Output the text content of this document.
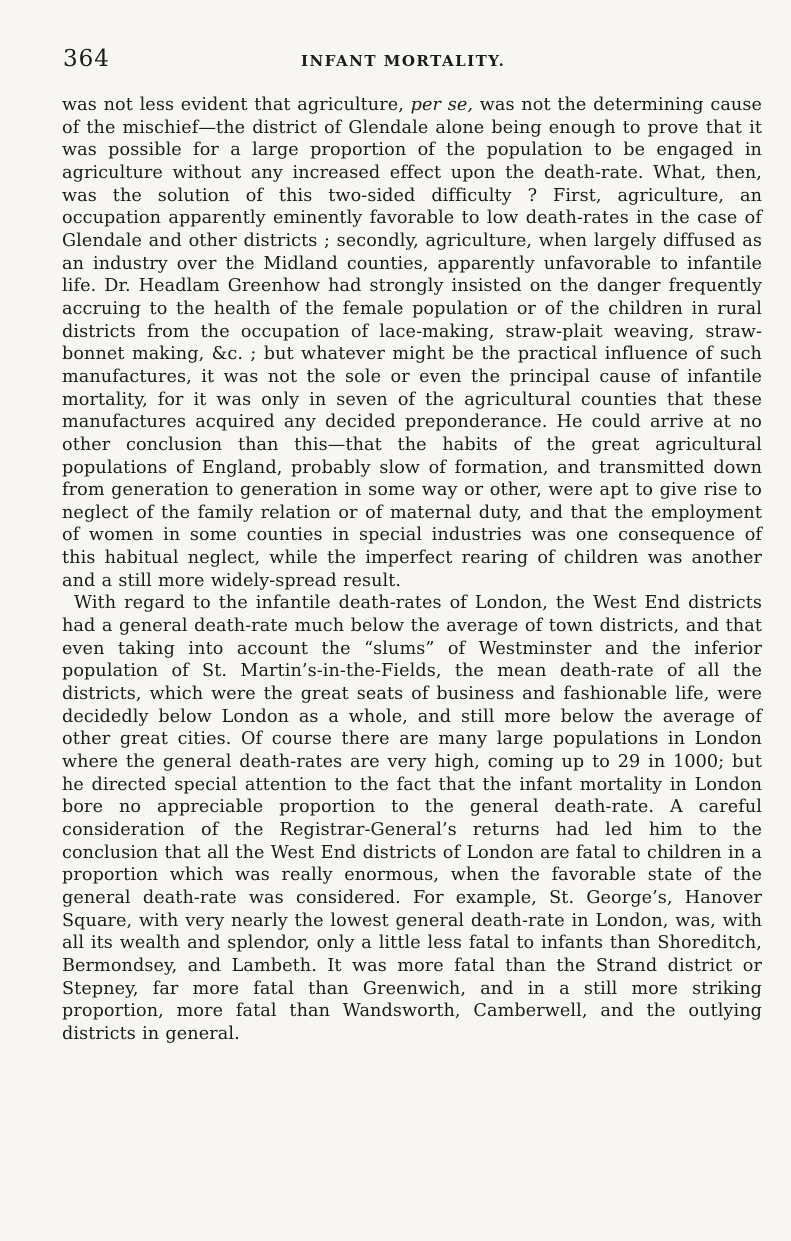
364	INFANT MORTALITY.

was not less evident that agriculture, per se, was not the determining cause of the mischief—the district of Glendale alone being enough to prove that it was possible for a large proportion of the population to be engaged in agriculture without any increased effect upon the death-rate. What, then, was the solution of this two-sided difficulty ? First, agriculture, an occupation apparently eminently favorable to low death-rates in the case of Glendale and other districts ; secondly, agriculture, when largely diffused as an industry over the Midland counties, apparently unfavorable to infantile life. Dr. Headlam Greenhow had strongly insisted on the danger frequently accruing to the health of the female population or of the children in rural districts from the occupation of lace-making, straw-plait weaving, straw-bonnet making, &c. ; but whatever might be the practical influence of such manufactures, it was not the sole or even the principal cause of infantile mortality, for it was only in seven of the agricultural counties that these manufactures acquired any decided preponderance. He could arrive at no other conclusion than this—that the habits of the great agricultural populations of England, probably slow of formation, and transmitted down from generation to generation in some way or other, were apt to give rise to neglect of the family relation or of maternal duty, and that the employment of women in some counties in special industries was one consequence of this habitual neglect, while the imperfect rearing of children was another and a still more widely-spread result.

With regard to the infantile death-rates of London, the West End districts had a general death-rate much below the average of town districts, and that even taking into account the “slums” of Westminster and the inferior population of St. Martin’s-in-the-Fields, the mean death-rate of all the districts, which were the great seats of business and fashionable life, were decidedly below London as a whole, and still more below the average of other great cities. Of course there are many large populations in London where the general death-rates are very high, coming up to 29 in 1000; but he directed special attention to the fact that the infant mortality in London bore no appreciable proportion to the general death-rate. A careful consideration of the Registrar-General’s returns had led him to the conclusion that all the West End districts of London are fatal to children in a proportion which was really enormous, when the favorable state of the general death-rate was considered. For example, St. George’s, Hanover Square, with very nearly the lowest general death-rate in London, was, with all its wealth and splendor, only a little less fatal to infants than Shoreditch, Bermondsey, and Lambeth. It was more fatal than the Strand district or Stepney, far more fatal than Greenwich, and in a still more striking proportion, more fatal than Wandsworth, Camberwell, and the outlying districts in general.
